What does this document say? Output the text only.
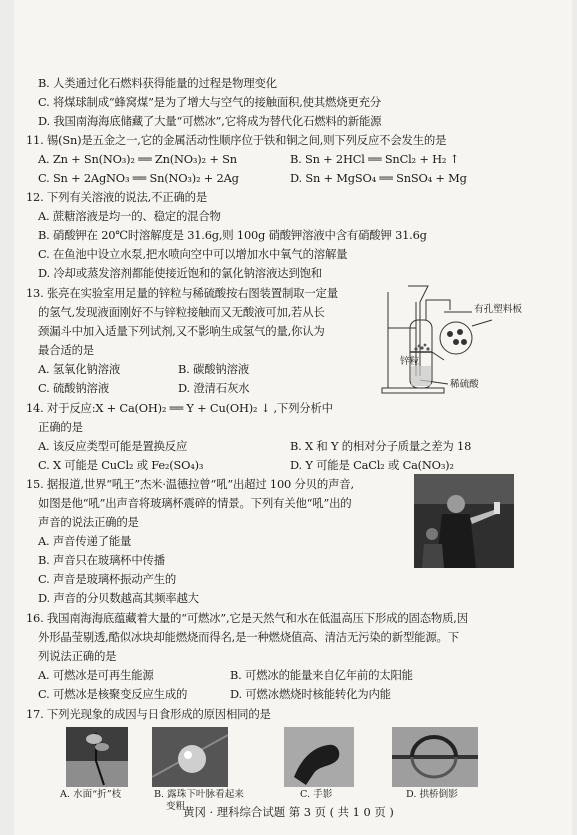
B. 人类通过化石燃料获得能量的过程是物理变化
C. 将煤球制成“蜂窝煤”是为了增大与空气的接触面积,使其燃烧更充分
D. 我国南海海底储藏了大量“可燃冰”,它将成为替代化石燃料的新能源
11. 锡(Sn)是五金之一,它的金属活动性顺序位于铁和铜之间,则下列反应不会发生的是
A. Zn + Sn(NO₃)₂ ══ Zn(NO₃)₂ + Sn	B. Sn + 2HCl ══ SnCl₂ + H₂ ↑
C. Sn + 2AgNO₃ ══ Sn(NO₃)₂ + 2Ag	D. Sn + MgSO₄ ══ SnSO₄ + Mg
12. 下列有关溶液的说法,不正确的是
A. 蔗糖溶液是均一的、稳定的混合物
B. 硝酸钾在 20℃时溶解度是 31.6g,则 100g 硝酸钾溶液中含有硝酸钾 31.6g
C. 在鱼池中设立水泵,把水喷向空中可以增加水中氧气的溶解量
D. 冷却或蒸发溶剂都能使接近饱和的氯化钠溶液达到饱和
13. 张亮在实验室用足量的锌粒与稀硫酸按右图装置制取一定量
的氢气,发现液面刚好不与锌粒接触而又无酸液可加,若从长
颈漏斗中加入适量下列试剂,又不影响生成氢气的量,你认为
最合适的是
A. 氢氧化钠溶液	B. 碳酸钠溶液
C. 硫酸钠溶液	D. 澄清石灰水
有孔塑料板
锌粒
稀硫酸
14. 对于反应:X + Ca(OH)₂ ══ Y + Cu(OH)₂ ↓ ,下列分析中
正确的是
A. 该反应类型可能是置换反应	B. X 和 Y 的相对分子质量之差为 18
C. X 可能是 CuCl₂ 或 Fe₂(SO₄)₃	D. Y 可能是 CaCl₂ 或 Ca(NO₃)₂
15. 据报道,世界“吼王”杰米·温德拉曾“吼”出超过 100 分贝的声音,
如图是他“吼”出声音将玻璃杯震碎的情景。下列有关他“吼”出的
声音的说法正确的是
A. 声音传递了能量
B. 声音只在玻璃杯中传播
C. 声音是玻璃杯振动产生的
D. 声音的分贝数越高其频率越大
16. 我国南海海底蕴藏着大量的“可燃冰”,它是天然气和水在低温高压下形成的固态物质,因
外形晶莹剔透,酷似冰块却能燃烧而得名,是一种燃烧值高、清洁无污染的新型能源。下
列说法正确的是
A. 可燃冰是可再生能源	B. 可燃冰的能量来自亿年前的太阳能
C. 可燃冰是核聚变反应生成的	D. 可燃冰燃烧时核能转化为内能
17. 下列光现象的成因与日食形成的原因相同的是
A. 水面“折”枝	B. 露珠下叶脉看起来
变粗
C. 手影	D. 拱桥倒影
黄冈 · 理科综合试题 第 3 页 ( 共 1 0 页 )
